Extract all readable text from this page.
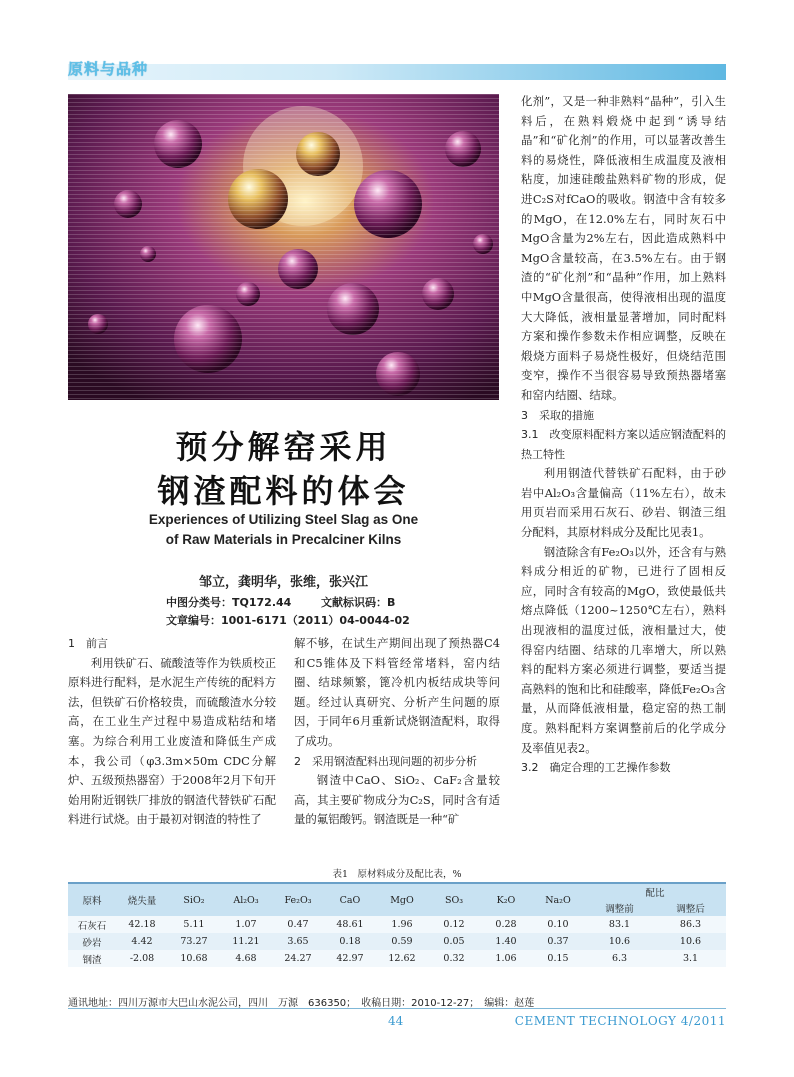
原料与品种
预分解窑采用
钢渣配料的体会
Experiences of Utilizing Steel Slag as One
of Raw Materials in Precalciner Kilns
邹立，龚明华，张维，张兴江
中图分类号：TQ172.44	文献标识码：B
文章编号：1001-6171（2011）04-0044-02

1　前言

利用铁矿石、硫酸渣等作为铁质校正原料进行配料，是水泥生产传统的配料方法，但铁矿石价格较贵，而硫酸渣水分较高，在工业生产过程中易造成粘结和堵塞。为综合利用工业废渣和降低生产成本，我公司（φ3.3m×50m CDC分解炉、五级预热器窑）于2008年2月下旬开始用附近钢铁厂排放的钢渣代替铁矿石配料进行试烧。由于最初对钢渣的特性了

解不够，在试生产期间出现了预热器C4和C5锥体及下料管经常堵料，窑内结圈、结球频繁，篦冷机内板结成块等问题。经过认真研究、分析产生问题的原因，于同年6月重新试烧钢渣配料，取得了成功。

2　采用钢渣配料出现问题的初步分析

钢渣中CaO、SiO₂、CaF₂含量较高，其主要矿物成分为C₂S，同时含有适量的氟铝酸钙。钢渣既是一种“矿

化剂”，又是一种非熟料“晶种”，引入生料后，在熟料煅烧中起到“诱导结晶”和“矿化剂”的作用，可以显著改善生料的易烧性，降低液相生成温度及液相粘度，加速硅酸盐熟料矿物的形成，促进C₂S对fCaO的吸收。钢渣中含有较多的MgO，在12.0%左右，同时灰石中MgO含量为2%左右，因此造成熟料中MgO含量较高，在3.5%左右。由于钢渣的“矿化剂”和“晶种”作用，加上熟料中MgO含量很高，使得液相出现的温度大大降低，液相量显著增加，同时配料方案和操作参数未作相应调整，反映在煅烧方面料子易烧性极好，但烧结范围变窄，操作不当很容易导致预热器堵塞和窑内结圈、结球。

3　采取的措施

3.1　改变原料配料方案以适应钢渣配料的热工特性

利用钢渣代替铁矿石配料，由于砂岩中Al₂O₃含量偏高（11%左右），故未用页岩而采用石灰石、砂岩、钢渣三组分配料，其原材料成分及配比见表1。

钢渣除含有Fe₂O₃以外，还含有与熟料成分相近的矿物，已进行了固相反应，同时含有较高的MgO，致使最低共熔点降低（1200~1250℃左右），熟料出现液相的温度过低，液相量过大，使得窑内结圈、结球的几率增大，所以熟料的配料方案必须进行调整，要适当提高熟料的饱和比和硅酸率，降低Fe₂O₃含量，从而降低液相量，稳定窑的热工制度。熟料配料方案调整前后的化学成分及率值见表2。

3.2　确定合理的工艺操作参数

表1　原材料成分及配比表，%
原料	烧失量	SiO₂	Al₂O₃	Fe₂O₃	CaO	MgO	SO₃	K₂O	Na₂O	配比	
										调整前	调整后
石灰石	42.18	5.11	1.07	0.47	48.61	1.96	0.12	0.28	0.10	83.1	86.3
砂岩	4.42	73.27	11.21	3.65	0.18	0.59	0.05	1.40	0.37	10.6	10.6
钢渣	-2.08	10.68	4.68	24.27	42.97	12.62	0.32	1.06	0.15	6.3	3.1
通讯地址：四川万源市大巴山水泥公司，四川　万源　636350；　收稿日期：2010-12-27；　编辑：赵莲
44	CEMENT TECHNOLOGY 4/2011
